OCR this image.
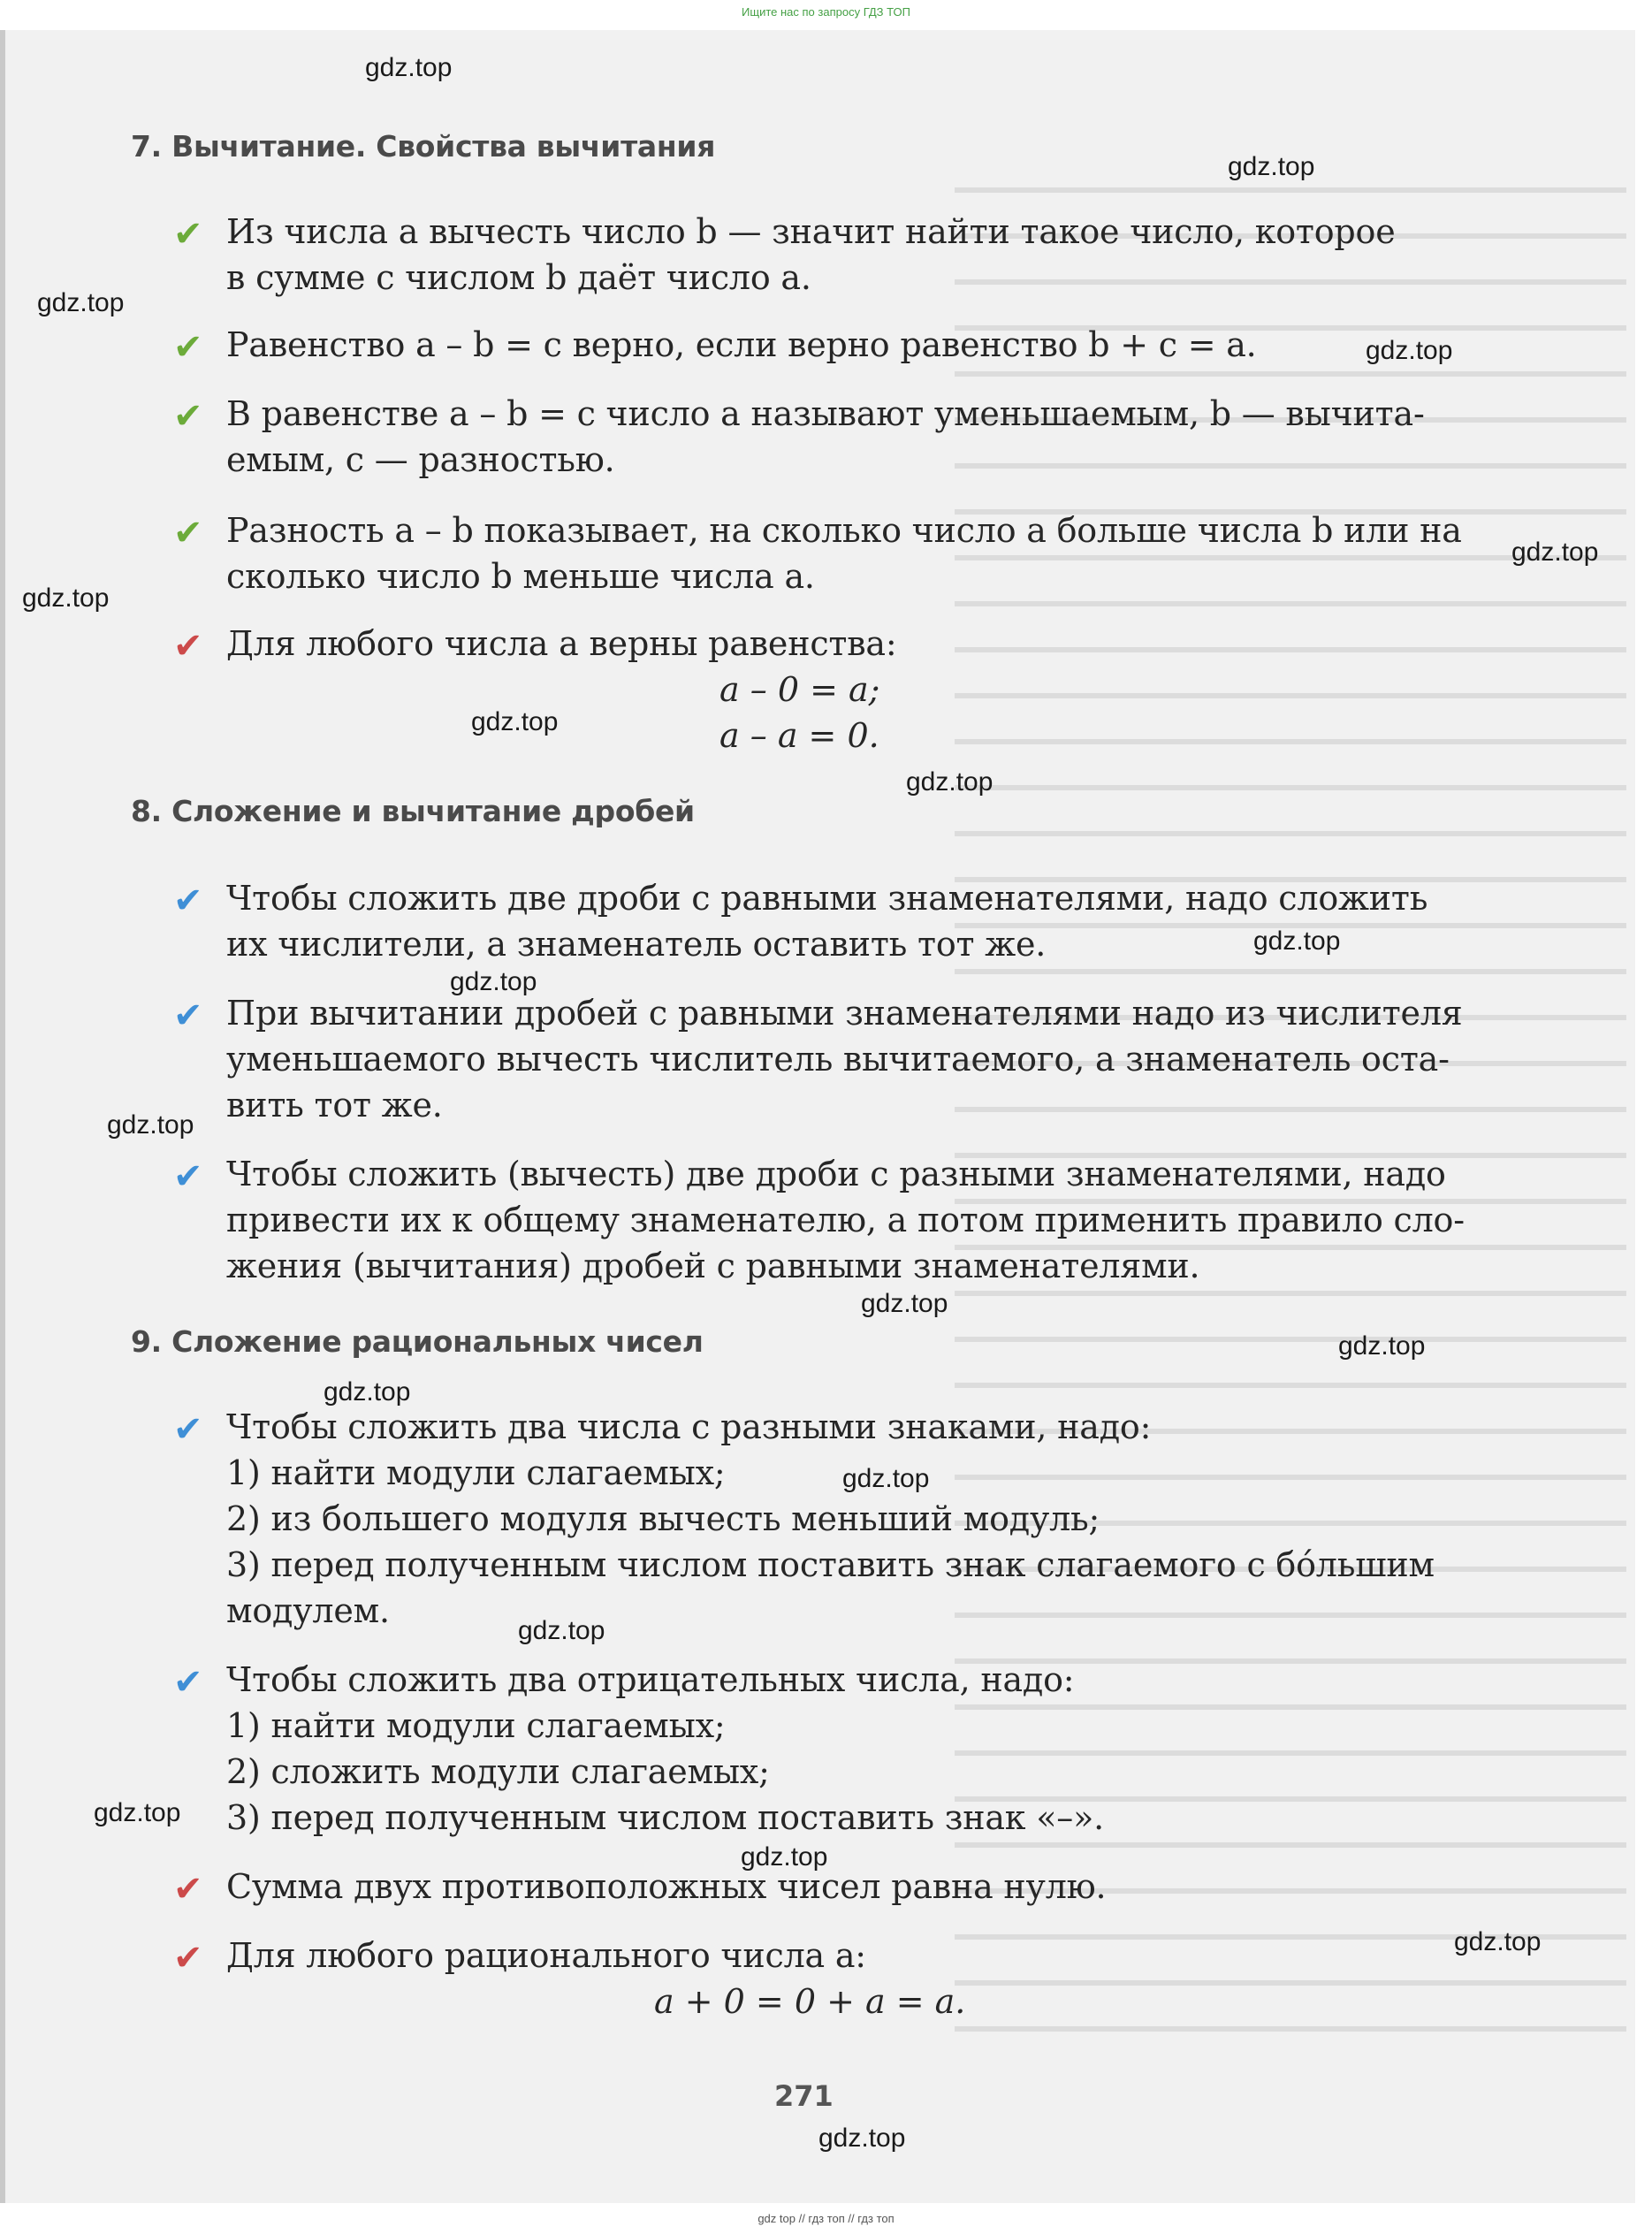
Ищите нас по запросу ГДЗ ТОП
7. Вычитание. Свойства вычитания
✔ Из числа a вычесть число b — значит найти такое число, которое
в сумме с числом b даёт число a.
✔ Равенство a – b = c верно, если верно равенство b + c = a.
✔ В равенстве a – b = c число a называют уменьшаемым, b — вычита-
емым, c — разностью.
✔ Разность a – b показывает, на сколько число a больше числа b или на
сколько число b меньше числа a.
✔ Для любого числа a верны равенства:
a – 0 = a;
a – a = 0.
8. Сложение и вычитание дробей
✔ Чтобы сложить две дроби с равными знаменателями, надо сложить
их числители, а знаменатель оставить тот же.
✔ При вычитании дробей с равными знаменателями надо из числителя
уменьшаемого вычесть числитель вычитаемого, а знаменатель оста-
вить тот же.
✔ Чтобы сложить (вычесть) две дроби с разными знаменателями, надо
привести их к общему знаменателю, а потом применить правило сло-
жения (вычитания) дробей с равными знаменателями.
9. Сложение рациональных чисел
✔ Чтобы сложить два числа с разными знаками, надо:
1) найти модули слагаемых;
2) из большего модуля вычесть меньший модуль;
3) перед полученным числом поставить знак слагаемого с бóльшим
модулем.
✔ Чтобы сложить два отрицательных числа, надо:
1) найти модули слагаемых;
2) сложить модули слагаемых;
3) перед полученным числом поставить знак «–».
✔ Сумма двух противоположных чисел равна нулю.
✔ Для любого рационального числа a:
a + 0 = 0 + a = a.
271
gdz.top
gdz.top
gdz.top
gdz.top
gdz.top
gdz.top
gdz.top
gdz.top
gdz.top
gdz.top
gdz.top
gdz.top
gdz.top
gdz.top
gdz.top
gdz.top
gdz.top
gdz.top
gdz.top
gdz.top
gdz top // гдз топ // гдз топ
